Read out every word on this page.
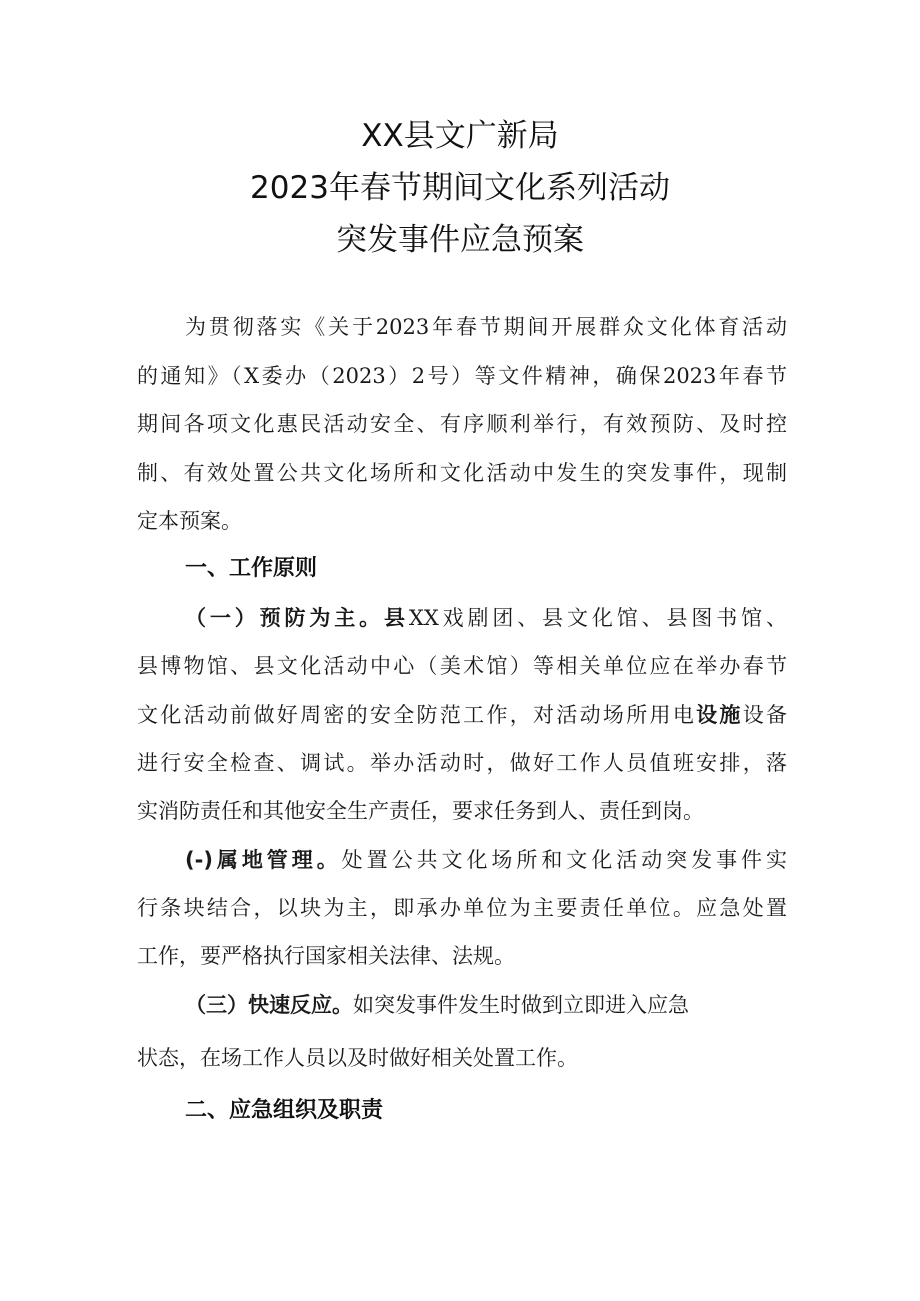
XX县文广新局
2023年春节期间文化系列活动
突发事件应急预案
为贯彻落实《关于2023年春节期间开展群众文化体育活动
的通知》（X委办（2023）2号）等文件精神，确保2023年春节
期间各项文化惠民活动安全、有序顺利举行，有效预防、及时控
制、有效处置公共文化场所和文化活动中发生的突发事件，现制
定本预案。
一、工作原则
（一）预防为主。县XX戏剧团、县文化馆、县图书馆、
县博物馆、县文化活动中心（美术馆）等相关单位应在举办春节
文化活动前做好周密的安全防范工作，对活动场所用电设施设备
进行安全检查、调试。举办活动时，做好工作人员值班安排，落
实消防责任和其他安全生产责任，要求任务到人、责任到岗。
(-)属地管理。处置公共文化场所和文化活动突发事件实
行条块结合，以块为主，即承办单位为主要责任单位。应急处置
工作，要严格执行国家相关法律、法规。
（三）快速反应。如突发事件发生时做到立即进入应急
状态，在场工作人员以及时做好相关处置工作。
二、应急组织及职责
